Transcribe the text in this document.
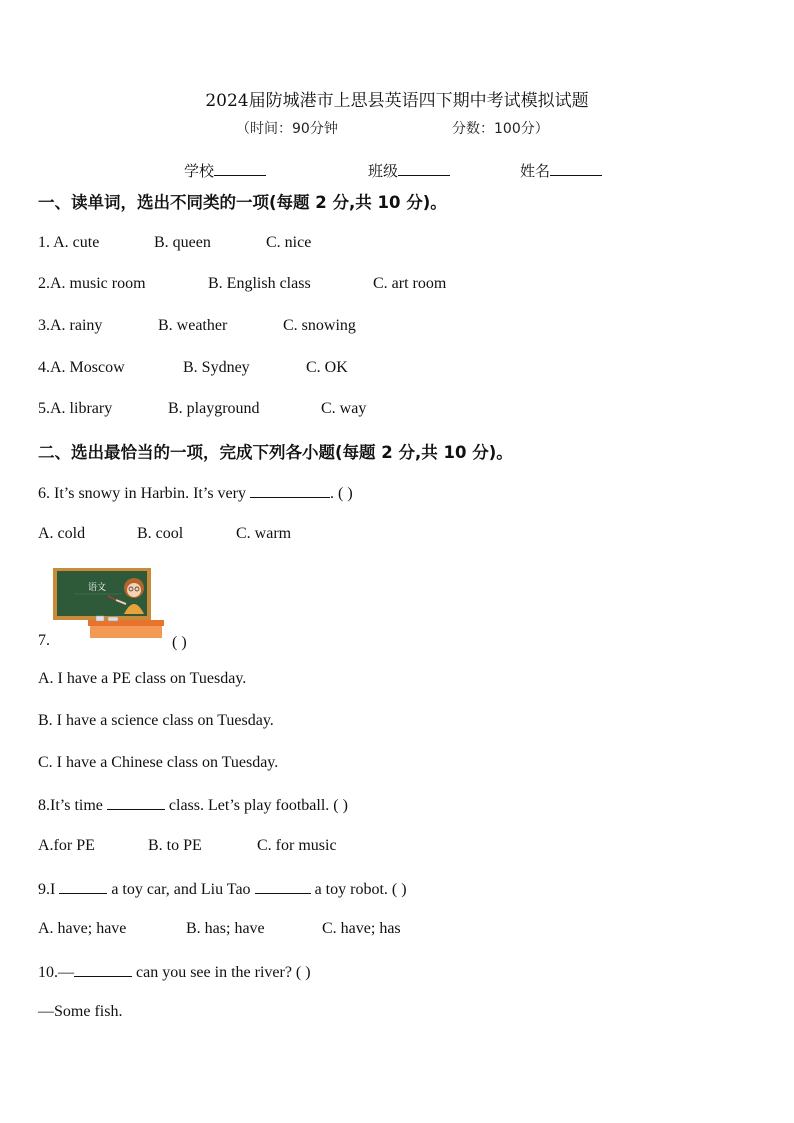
2024届防城港市上思县英语四下期中考试模拟试题
（时间：90分钟	分数：100分）
学校	班级	姓名
一、读单词，选出不同类的一项(每题 2 分,共 10 分)。
1. A. cute	B. queen	C. nice
2.A. music room	B. English class	C. art room
3.A. rainy	B. weather	C. snowing
4.A. Moscow	B. Sydney	C. OK
5.A. library	B. playground	C. way
二、选出最恰当的一项，完成下列各小题(每题 2 分,共 10 分)。
6. It’s snowy in Harbin. It’s very	. ( )
A. cold	B. cool	C. warm
语文
7.	( )
A. I have a PE class on Tuesday.
B. I have a science class on Tuesday.
C. I have a Chinese class on Tuesday.
8.It’s time	class. Let’s play football. ( )
A.for PE	B. to PE	C. for music
9.I	a toy car, and Liu Tao	a toy robot. ( )
A. have; have	B. has; have	C. have; has
10.—	can you see in the river? ( )
—Some fish.
